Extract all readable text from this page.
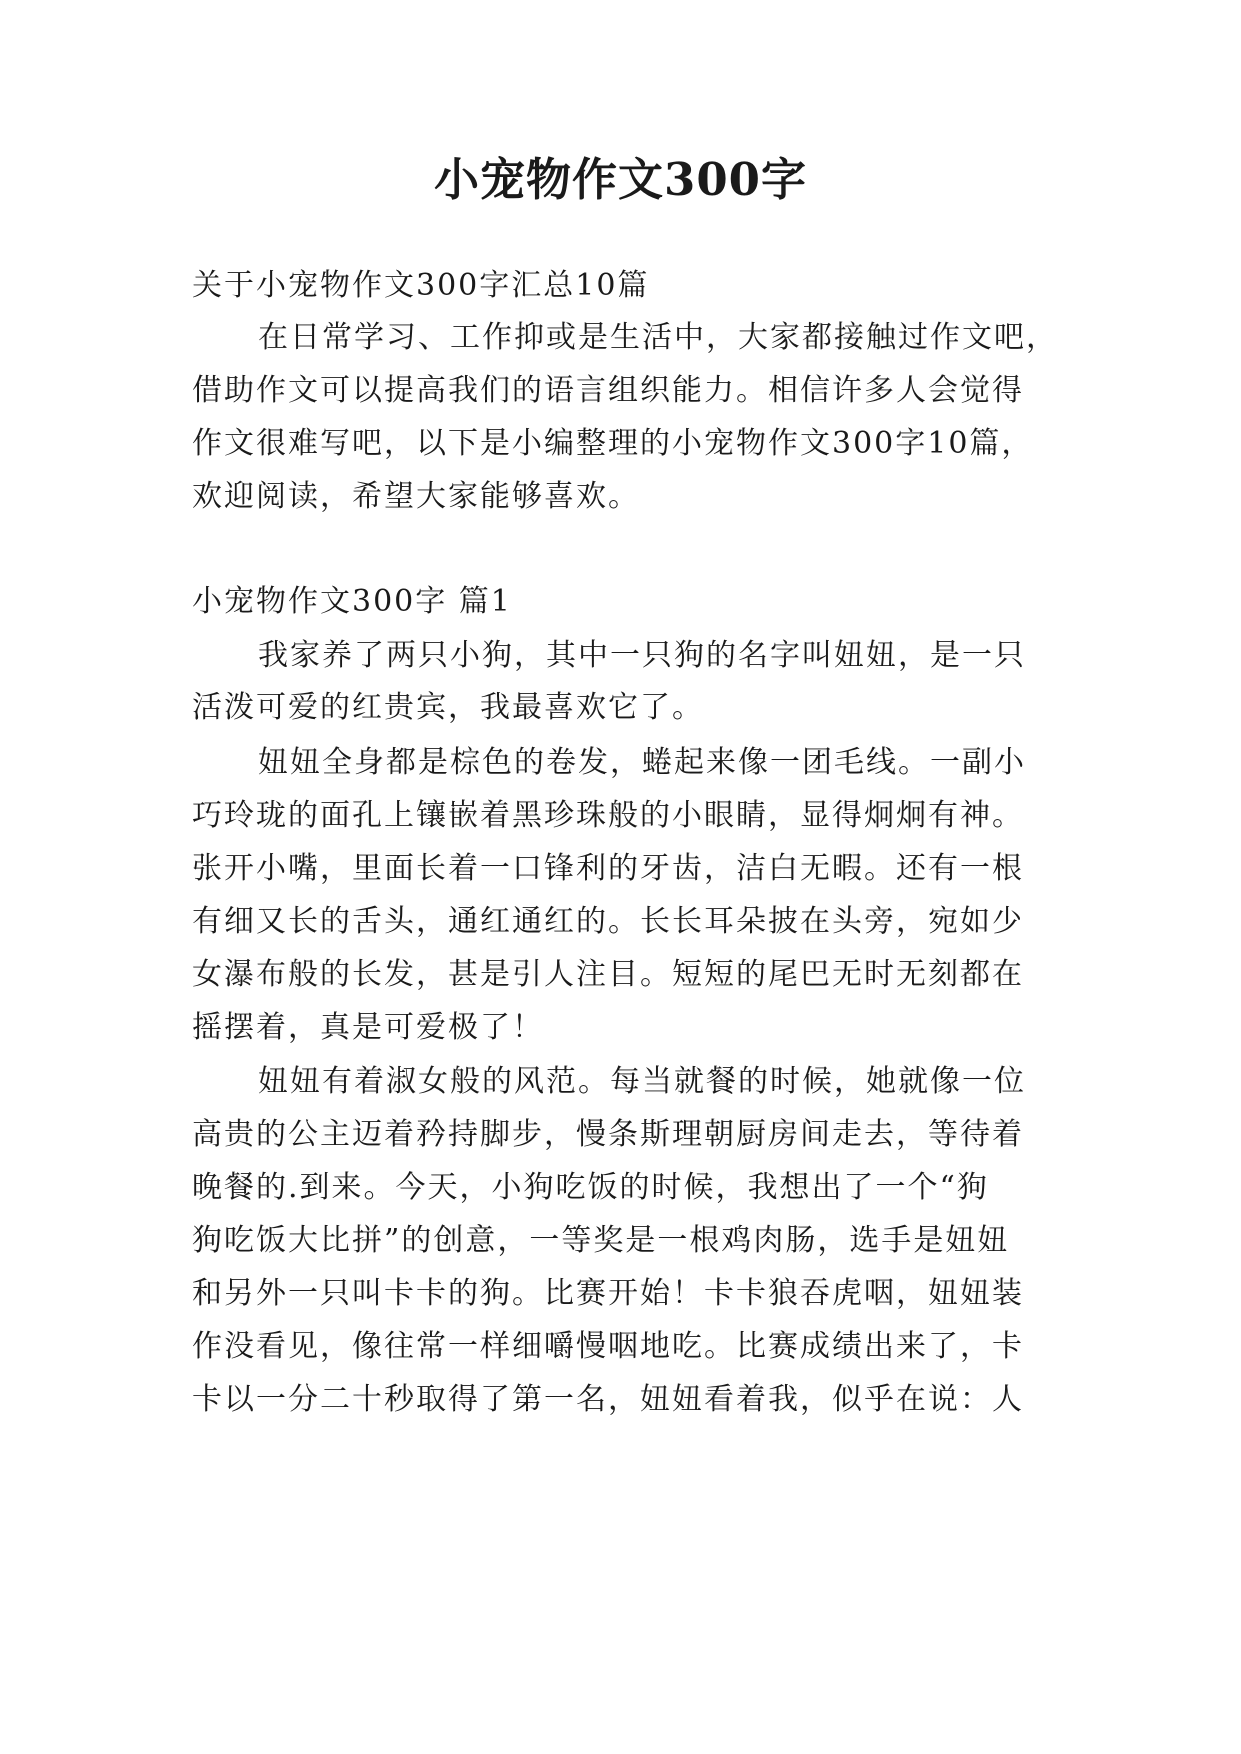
小宠物作文300字
关于小宠物作文300字汇总10篇
在日常学习、工作抑或是生活中，大家都接触过作文吧，
借助作文可以提高我们的语言组织能力。相信许多人会觉得
作文很难写吧，以下是小编整理的小宠物作文300字10篇，
欢迎阅读，希望大家能够喜欢。
小宠物作文300字 篇1
我家养了两只小狗，其中一只狗的名字叫妞妞，是一只
活泼可爱的红贵宾，我最喜欢它了。
妞妞全身都是棕色的卷发，蜷起来像一团毛线。一副小
巧玲珑的面孔上镶嵌着黑珍珠般的小眼睛，显得炯炯有神。
张开小嘴，里面长着一口锋利的牙齿，洁白无暇。还有一根
有细又长的舌头，通红通红的。长长耳朵披在头旁，宛如少
女瀑布般的长发，甚是引人注目。短短的尾巴无时无刻都在
摇摆着，真是可爱极了！
妞妞有着淑女般的风范。每当就餐的时候，她就像一位
高贵的公主迈着矜持脚步，慢条斯理朝厨房间走去，等待着
晚餐的.到来。今天，小狗吃饭的时候，我想出了一个“狗
狗吃饭大比拼”的创意，一等奖是一根鸡肉肠，选手是妞妞
和另外一只叫卡卡的狗。比赛开始！卡卡狼吞虎咽，妞妞装
作没看见，像往常一样细嚼慢咽地吃。比赛成绩出来了，卡
卡以一分二十秒取得了第一名，妞妞看着我，似乎在说：人
